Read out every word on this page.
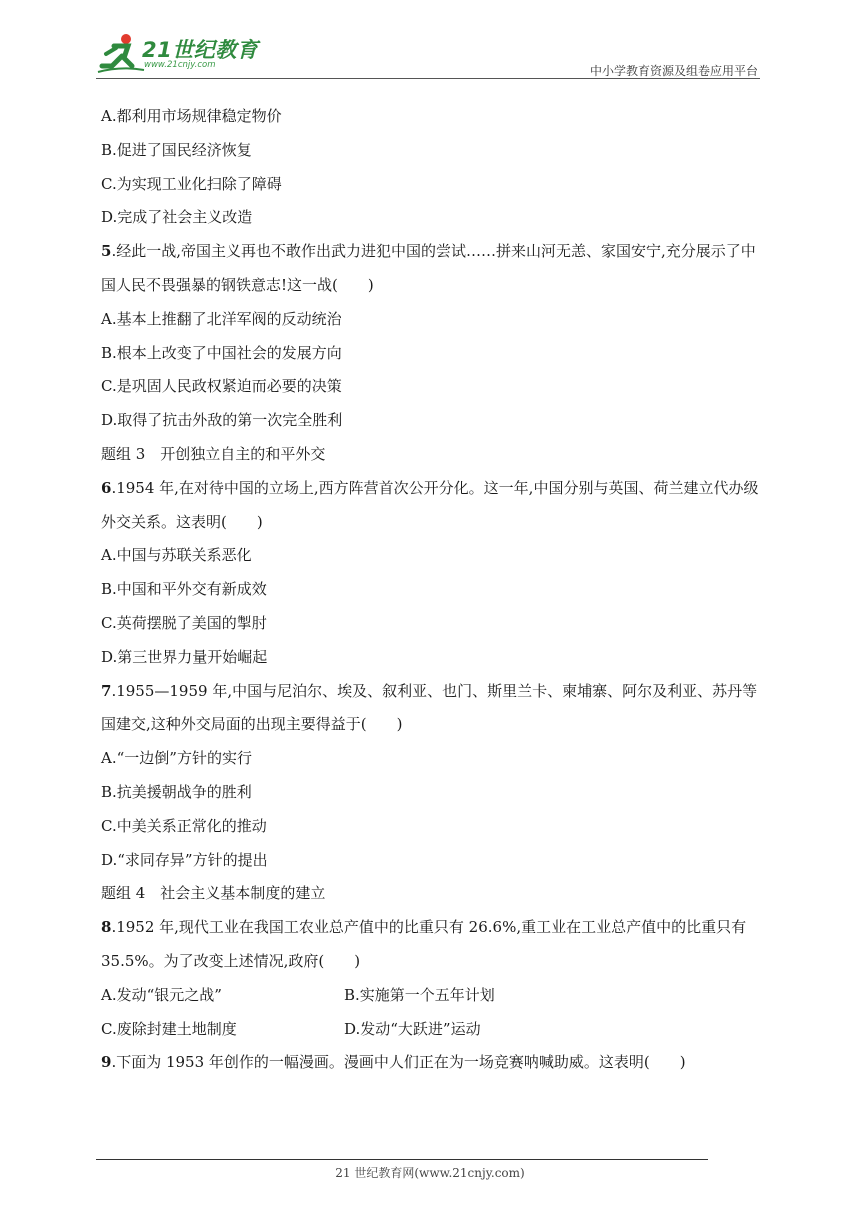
21世纪教育
www.21cnjy.com	中小学教育资源及组卷应用平台
A.都利用市场规律稳定物价
B.促进了国民经济恢复
C.为实现工业化扫除了障碍
D.完成了社会主义改造
5.经此一战,帝国主义再也不敢作出武力进犯中国的尝试……拼来山河无恙、家国安宁,充分展示了中国人民不畏强暴的钢铁意志!这一战(　　)
A.基本上推翻了北洋军阀的反动统治
B.根本上改变了中国社会的发展方向
C.是巩固人民政权紧迫而必要的决策
D.取得了抗击外敌的第一次完全胜利
题组 3　开创独立自主的和平外交
6.1954 年,在对待中国的立场上,西方阵营首次公开分化。这一年,中国分别与英国、荷兰建立代办级外交关系。这表明(　　)
A.中国与苏联关系恶化
B.中国和平外交有新成效
C.英荷摆脱了美国的掣肘
D.第三世界力量开始崛起
7.1955—1959 年,中国与尼泊尔、埃及、叙利亚、也门、斯里兰卡、柬埔寨、阿尔及利亚、苏丹等国建交,这种外交局面的出现主要得益于(　　)
A.“一边倒”方针的实行
B.抗美援朝战争的胜利
C.中美关系正常化的推动
D.“求同存异”方针的提出
题组 4　社会主义基本制度的建立
8.1952 年,现代工业在我国工农业总产值中的比重只有 26.6%,重工业在工业总产值中的比重只有 35.5%。为了改变上述情况,政府(　　)
A.发动“银元之战”	B.实施第一个五年计划
C.废除封建土地制度	D.发动“大跃进”运动
9.下面为 1953 年创作的一幅漫画。漫画中人们正在为一场竞赛呐喊助威。这表明(　　)
21 世纪教育网(www.21cnjy.com)
